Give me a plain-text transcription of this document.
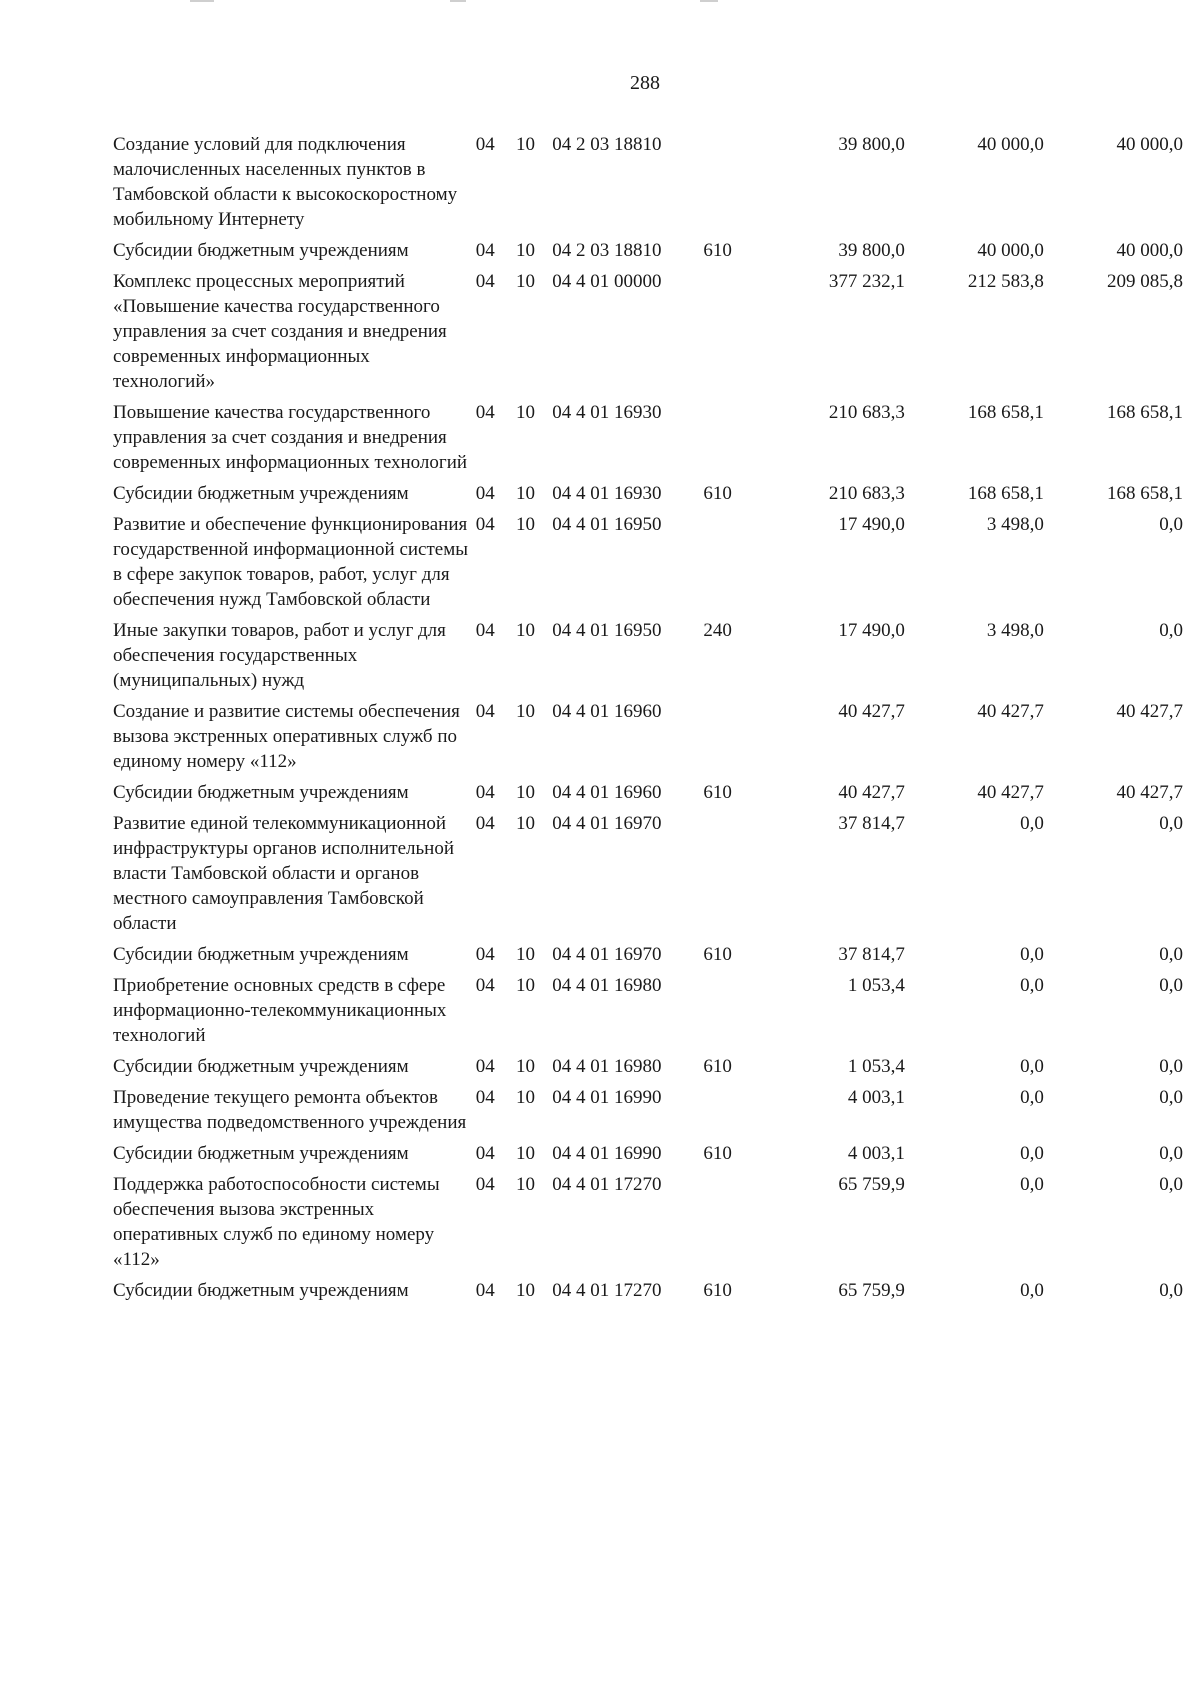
288
Создание условий для подключения малочисленных населенных пунктов в Тамбовской области к высокоскоростному мобильному Интернету	04	10	04 2 03 18810		39 800,0	40 000,0	40 000,0
Субсидии бюджетным учреждениям	04	10	04 2 03 18810	610	39 800,0	40 000,0	40 000,0
Комплекс процессных мероприятий «Повышение качества государственного управления за счет создания и внедрения современных информационных технологий»	04	10	04 4 01 00000		377 232,1	212 583,8	209 085,8
Повышение качества государственного управления за счет создания и внедрения современных информационных технологий	04	10	04 4 01 16930		210 683,3	168 658,1	168 658,1
Субсидии бюджетным учреждениям	04	10	04 4 01 16930	610	210 683,3	168 658,1	168 658,1
Развитие и обеспечение функционирования государственной информационной системы в сфере закупок товаров, работ, услуг для обеспечения нужд Тамбовской области	04	10	04 4 01 16950		17 490,0	3 498,0	0,0
Иные закупки товаров, работ и услуг для обеспечения государственных (муниципальных) нужд	04	10	04 4 01 16950	240	17 490,0	3 498,0	0,0
Создание и развитие системы обеспечения вызова экстренных оперативных служб по единому номеру «112»	04	10	04 4 01 16960		40 427,7	40 427,7	40 427,7
Субсидии бюджетным учреждениям	04	10	04 4 01 16960	610	40 427,7	40 427,7	40 427,7
Развитие единой телекоммуникационной инфраструктуры органов исполнительной власти Тамбовской области и органов местного самоуправления Тамбовской области	04	10	04 4 01 16970		37 814,7	0,0	0,0
Субсидии бюджетным учреждениям	04	10	04 4 01 16970	610	37 814,7	0,0	0,0
Приобретение основных средств в сфере информационно-телекоммуникационных технологий	04	10	04 4 01 16980		1 053,4	0,0	0,0
Субсидии бюджетным учреждениям	04	10	04 4 01 16980	610	1 053,4	0,0	0,0
Проведение текущего ремонта объектов имущества подведомственного учреждения	04	10	04 4 01 16990		4 003,1	0,0	0,0
Субсидии бюджетным учреждениям	04	10	04 4 01 16990	610	4 003,1	0,0	0,0
Поддержка работоспособности системы обеспечения вызова экстренных оперативных служб по единому номеру «112»	04	10	04 4 01 17270		65 759,9	0,0	0,0
Субсидии бюджетным учреждениям	04	10	04 4 01 17270	610	65 759,9	0,0	0,0
